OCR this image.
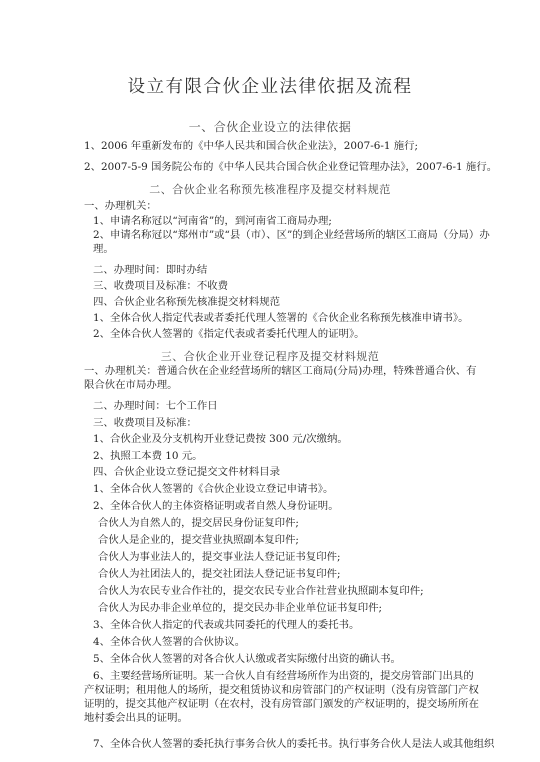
设立有限合伙企业法律依据及流程
一、合伙企业设立的法律依据
1、2006 年重新发布的《中华人民共和国合伙企业法》，2007-6-1 施行;
2、2007-5-9 国务院公布的《中华人民共合国合伙企业登记管理办法》，2007-6-1 施行。
二、合伙企业名称预先核准程序及提交材料规范
一、办理机关：
1、申请名称冠以“河南省”的，到河南省工商局办理;
2、申请名称冠以“郑州市”或“县（市）、区”的到企业经营场所的辖区工商局（分局）办理。
二、办理时间：即时办结
三、收费项目及标准：不收费
四、合伙企业名称预先核准提交材料规范
1、全体合伙人指定代表或者委托代理人签署的《合伙企业名称预先核准申请书》。
2、全体合伙人签署的《指定代表或者委托代理人的证明》。
三、合伙企业开业登记程序及提交材料规范
一、办理机关：普通合伙在企业经营场所的辖区工商局(分局)办理，特殊普通合伙、有限合伙在市局办理。
二、办理时间：七个工作日
三、收费项目及标准：
1、合伙企业及分支机构开业登记费按 300 元/次缴纳。
2、执照工本费 10 元。
四、合伙企业设立登记提交文件材料目录
1、全体合伙人签署的《合伙企业设立登记申请书》。
2、全体合伙人的主体资格证明或者自然人身份证明。
合伙人为自然人的，提交居民身份证复印件;
合伙人是企业的，提交营业执照副本复印件;
合伙人为事业法人的，提交事业法人登记证书复印件;
合伙人为社团法人的，提交社团法人登记证书复印件;
合伙人为农民专业合作社的，提交农民专业合作社营业执照副本复印件;
合伙人为民办非企业单位的，提交民办非企业单位证书复印件;
3、全体合伙人指定的代表或共同委托的代理人的委托书。
4、全体合伙人签署的合伙协议。
5、全体合伙人签署的对各合伙人认缴或者实际缴付出资的确认书。
6、主要经营场所证明。某一合伙人自有经营场所作为出资的，提交房管部门出具的产权证明；租用他人的场所，提交租赁协议和房管部门的产权证明（没有房管部门产权证明的，提交其他产权证明（在农村，没有房管部门颁发的产权证明的，提交场所所在地村委会出具的证明。
7、全体合伙人签署的委托执行事务合伙人的委托书。执行事务合伙人是法人或其他组织
